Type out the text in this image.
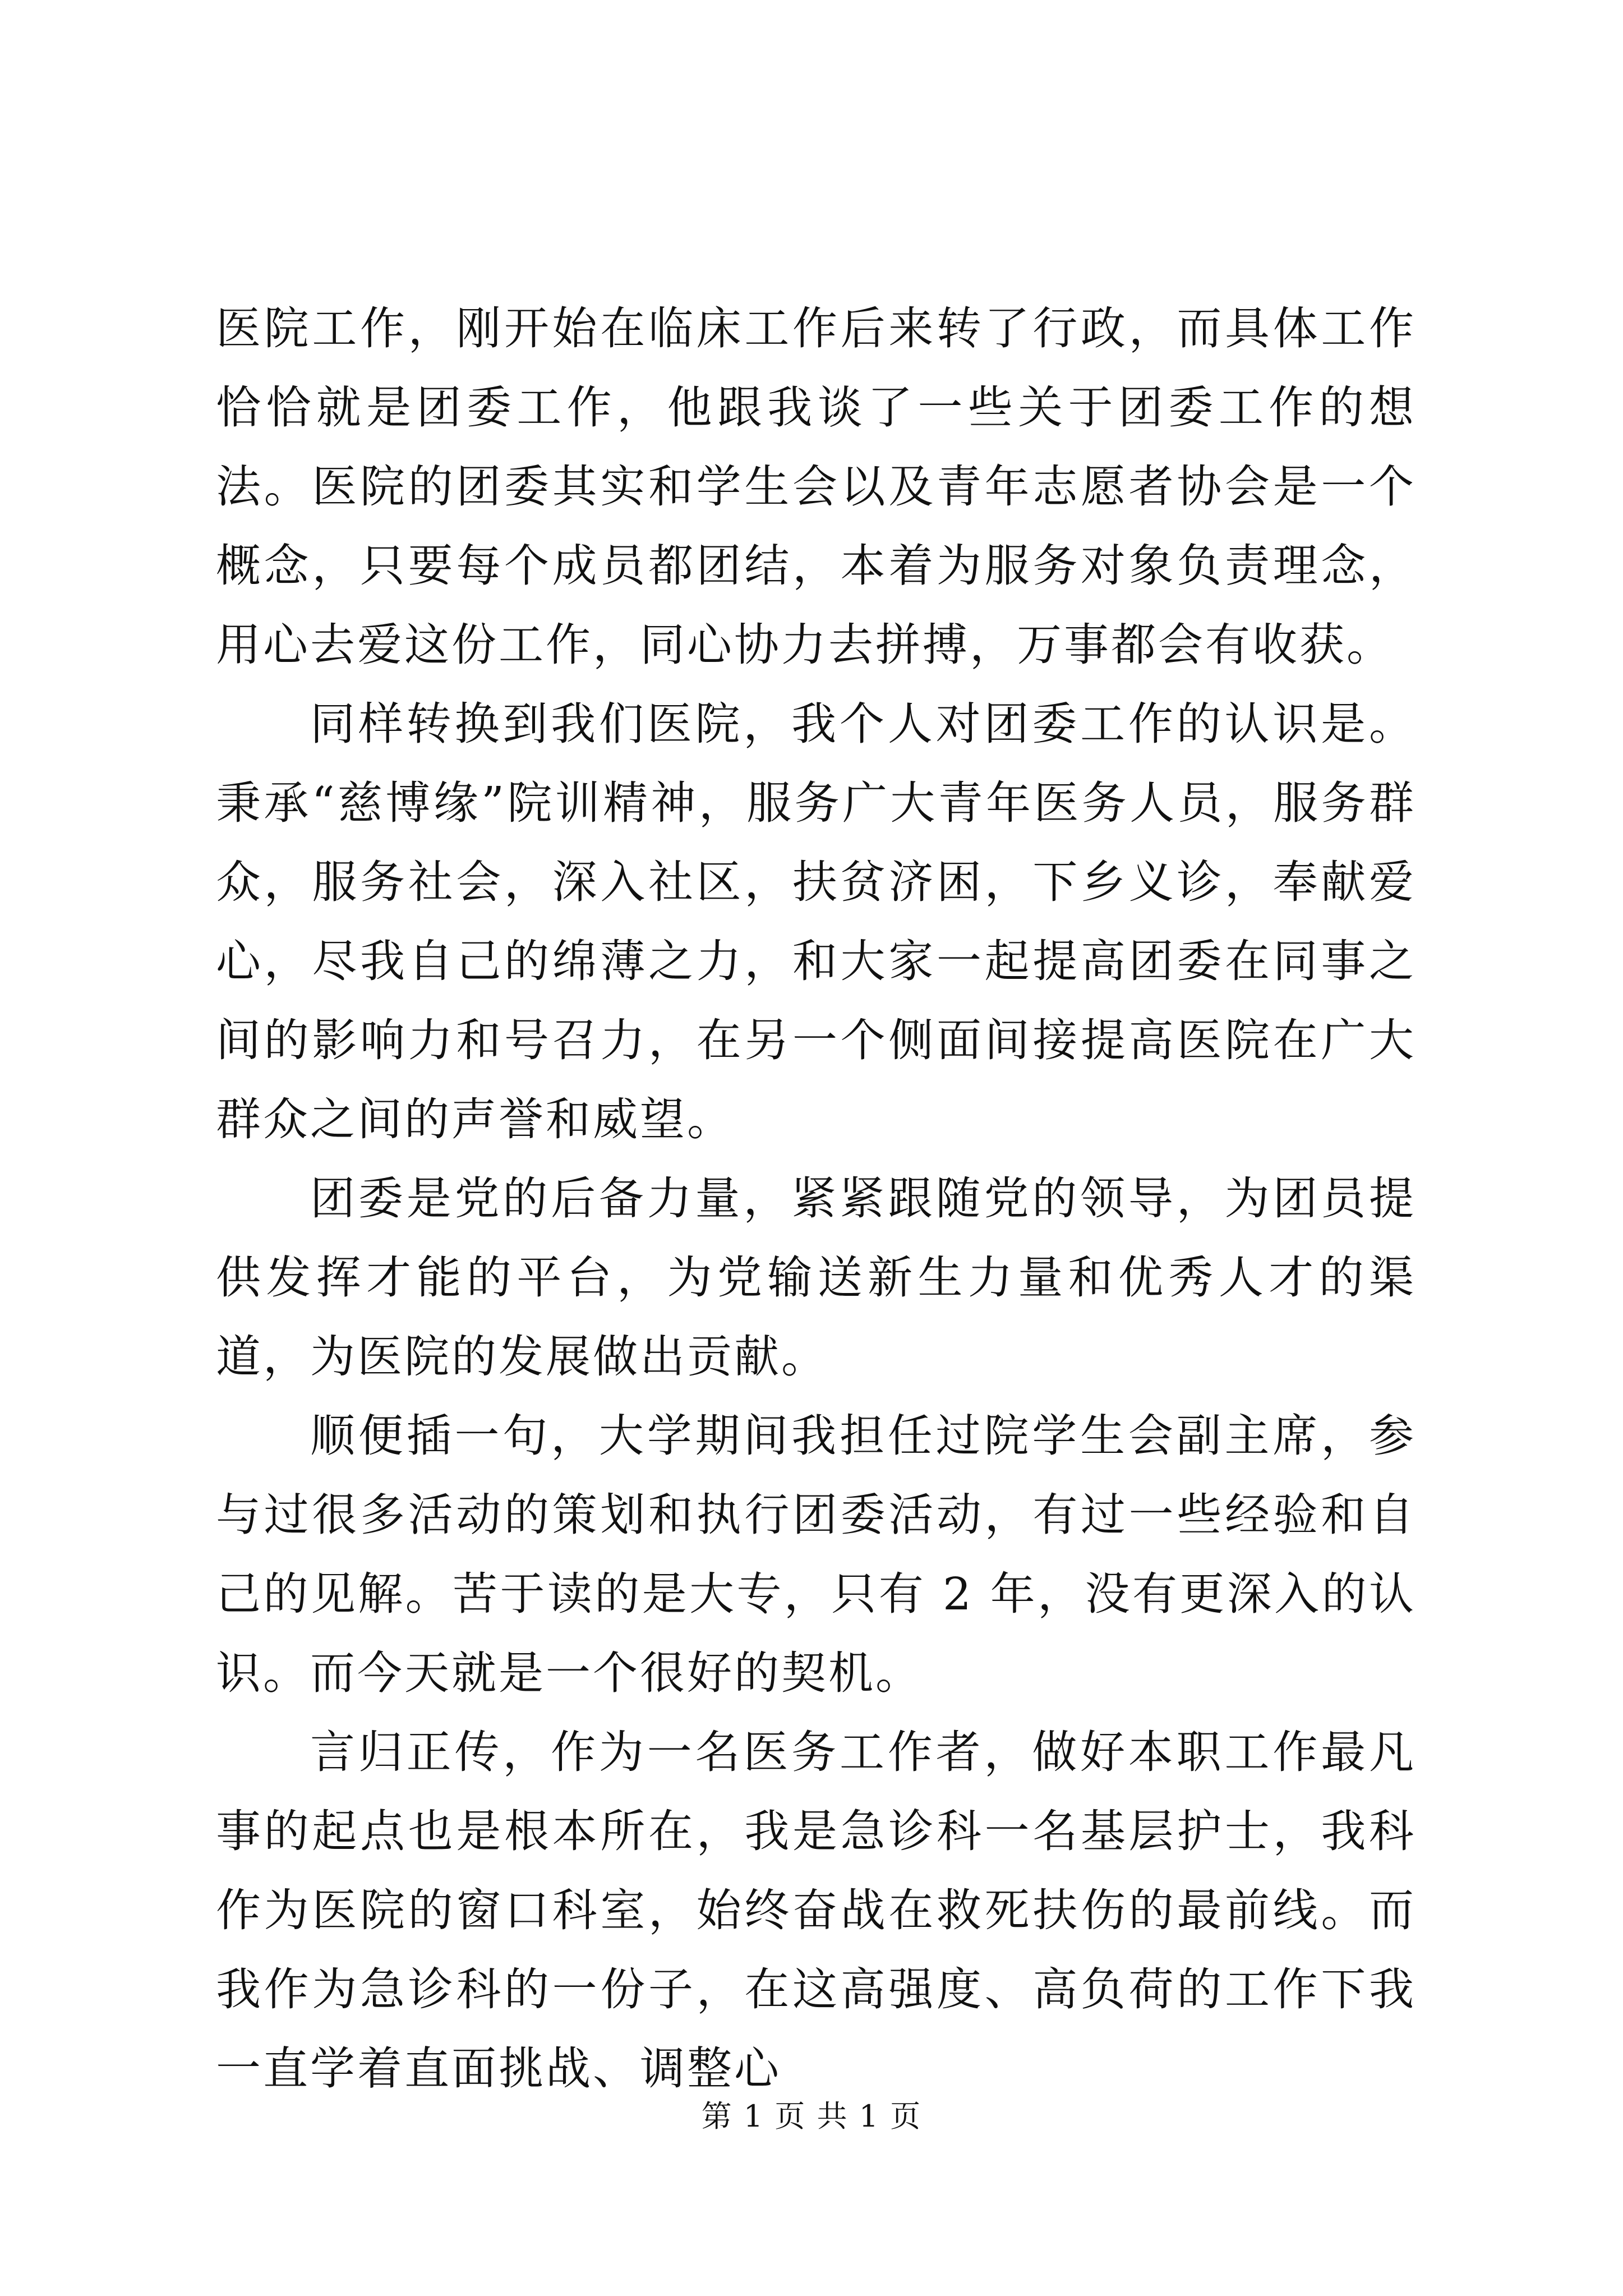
医院工作，刚开始在临床工作后来转了行政，而具体工作恰恰就是团委工作，他跟我谈了一些关于团委工作的想法。医院的团委其实和学生会以及青年志愿者协会是一个概念，只要每个成员都团结，本着为服务对象负责理念，用心去爱这份工作，同心协力去拼搏，万事都会有收获。

同样转换到我们医院，我个人对团委工作的认识是。秉承“慈博缘”院训精神，服务广大青年医务人员，服务群众，服务社会，深入社区，扶贫济困，下乡义诊，奉献爱心，尽我自己的绵薄之力，和大家一起提高团委在同事之间的影响力和号召力，在另一个侧面间接提高医院在广大群众之间的声誉和威望。

团委是党的后备力量，紧紧跟随党的领导，为团员提供发挥才能的平台，为党输送新生力量和优秀人才的渠道，为医院的发展做出贡献。

顺便插一句，大学期间我担任过院学生会副主席，参与过很多活动的策划和执行团委活动，有过一些经验和自己的见解。苦于读的是大专，只有 2 年，没有更深入的认识。而今天就是一个很好的契机。

言归正传，作为一名医务工作者，做好本职工作最凡事的起点也是根本所在，我是急诊科一名基层护士，我科作为医院的窗口科室，始终奋战在救死扶伤的最前线。而我作为急诊科的一份子，在这高强度、高负荷的工作下我一直学着直面挑战、调整心

第 1 页 共 1 页
